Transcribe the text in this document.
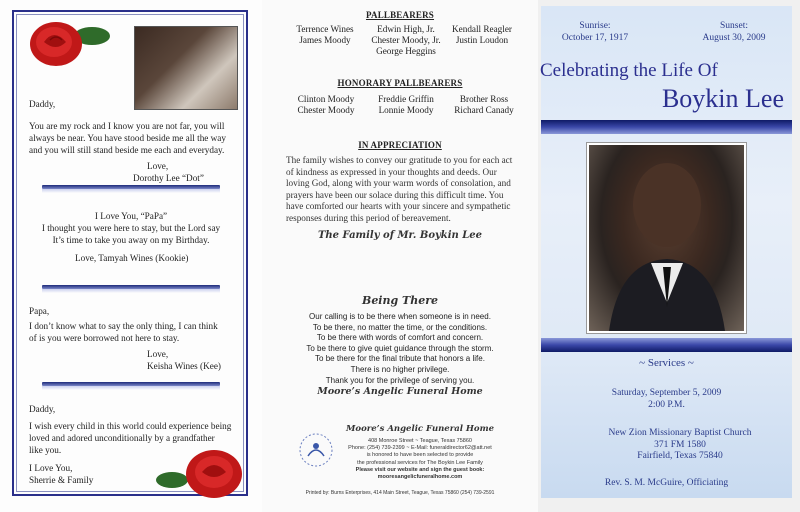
Daddy,
You are my rock and I know you are not far, you will
always be near. You have stood beside me all the way
and you will still stand beside me each and everyday.
Love,
Dorothy Lee “Dot”
I Love You, “PaPa”
I thought you were here to stay, but the Lord say
It’s time to take you away on my Birthday.
Love, Tamyah Wines (Kookie)
Papa,
I don’t know what to say the only thing, I can think
of is you were borrowed not here to stay.
Love,
Keisha Wines (Kee)
Daddy,
I wish every child in this world could experience being
loved and adored unconditionally by a grandfather
like you.
I Love You,
Sherrie & Family
PALLBEARERS
Terrence Wines
James Moody
Edwin High, Jr.
Chester Moody, Jr.
George Heggins
Kendall Reagler
Justin Loudon
HONORARY PALLBEARERS
Clinton Moody
Chester Moody
Freddie Griffin
Lonnie Moody
Brother Ross
Richard Canady
IN APPRECIATION
The family wishes to convey our gratitude to you for each act
of kindness as expressed in your thoughts and deeds. Our
loving God, along with your warm words of consolation, and
prayers have been our solace during this difficult time. You
have comforted our hearts with your sincere and sympathetic
responses during this period of bereavement.
The Family of Mr. Boykin Lee
Being There
Our calling is to be there when someone is in need.
To be there, no matter the time, or the conditions.
To be there with words of comfort and concern.
To be there to give quiet guidance through the storm.
To be there for the final tribute that honors a life.
There is no higher privilege.
Thank you for the privilege of serving you.
Moore’s Angelic Funeral Home
Moore’s Angelic Funeral Home
408 Monroe Street ~ Teague, Texas 75860
Phone: (254) 739-2399 ~ E-Mail: funeraldirector62@att.net
is honored to have been selected to provide
the professional services for The Boykin Lee Family
Please visit our website and sign the guest book:
mooresangelicfuneralhome.com
Printed by: Burns Enterprises, 414 Main Street, Teague, Texas 75860 (254) 739-2591
Sunrise:
October 17, 1917
Sunset:
August 30, 2009
Celebrating the Life Of
Boykin Lee
~ Services ~
Saturday, September 5, 2009
2:00 P.M.
New Zion Missionary Baptist Church
371 FM 1580
Fairfield, Texas 75840
Rev. S. M. McGuire, Officiating
